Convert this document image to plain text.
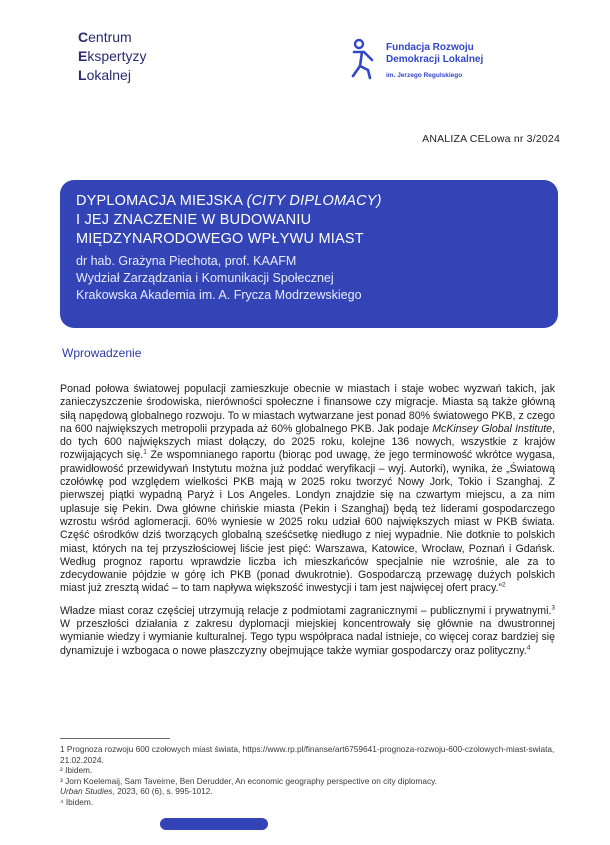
Centrum
Ekspertyzy
Lokalnej
Fundacja Rozwoju
Demokracji Lokalnej
im. Jerzego Regulskiego
ANALIZA CELowa nr 3/2024
DYPLOMACJA MIEJSKA (CITY DIPLOMACY)
I JEJ ZNACZENIE W BUDOWANIU
MIĘDZYNARODOWEGO WPŁYWU MIAST
dr hab. Grażyna Piechota, prof. KAAFM
Wydział Zarządzania i Komunikacji Społecznej
Krakowska Akademia im. A. Frycza Modrzewskiego
Wprowadzenie

Ponad połowa światowej populacji zamieszkuje obecnie w miastach i staje wobec wyzwań takich, jak zanieczyszczenie środowiska, nierówności społeczne i finansowe czy migracje. Miasta są także główną siłą napędową globalnego rozwoju. To w miastach wytwarzane jest ponad 80% światowego PKB, z czego na 600 największych metropolii przypada aż 60% globalnego PKB. Jak podaje McKinsey Global Institute, do tych 600 największych miast dołączy, do 2025 roku, kolejne 136 nowych, wszystkie z krajów rozwijających się.$^1$ Ze wspomnianego raportu (biorąc pod uwagę, że jego terminowość wkrótce wygasa, prawidłowość przewidywań Instytutu można już poddać weryfikacji – wyj. Autorki), wynika, że „Światową czołówkę pod względem wielkości PKB mają w 2025 roku tworzyć Nowy Jork, Tokio i Szanghaj. Z pierwszej piątki wypadną Paryż i Los Angeles. Londyn znajdzie się na czwartym miejscu, a za nim uplasuje się Pekin. Dwa główne chińskie miasta (Pekin i Szanghaj) będą też liderami gospodarczego wzrostu wśród aglomeracji. 60% wyniesie w 2025 roku udział 600 największych miast w PKB świata. Część ośrodków dziś tworzących globalną sześćsetkę niedługo z niej wypadnie. Nie dotknie to polskich miast, których na tej przyszłościowej liście jest pięć: Warszawa, Katowice, Wrocław, Poznań i Gdańsk. Według prognoz raportu wprawdzie liczba ich mieszkańców specjalnie nie wzrośnie, ale za to zdecydowanie pójdzie w górę ich PKB (ponad dwukrotnie). Gospodarczą przewagę dużych polskich miast już zresztą widać – to tam napływa większość inwestycji i tam jest najwięcej ofert pracy.”$^2$

Władze miast coraz częściej utrzymują relacje z podmiotami zagranicznymi – publicznymi i prywatnymi.$^3$ W przeszłości działania z zakresu dyplomacji miejskiej koncentrowały się głównie na dwustronnej wymianie wiedzy i wymianie kulturalnej. Tego typu współpraca nadal istnieje, co więcej coraz bardziej się dynamizuje i wzbogaca o nowe płaszczyzny obejmujące także wymiar gospodarczy oraz polityczny.$^4$

1 Prognoza rozwoju 600 czołowych miast świata, https://www.rp.pl/finanse/art6759641-prognoza-rozwoju-600-czolowych-miast-swiata, 21.02.2024.
² Ibidem.
³ Jorn Koelemaij, Sam Taveirne, Ben Derudder, An economic geography perspective on city diplomacy.
Urban Studies, 2023, 60 (6), s. 995-1012.
⁴ Ibidem.
